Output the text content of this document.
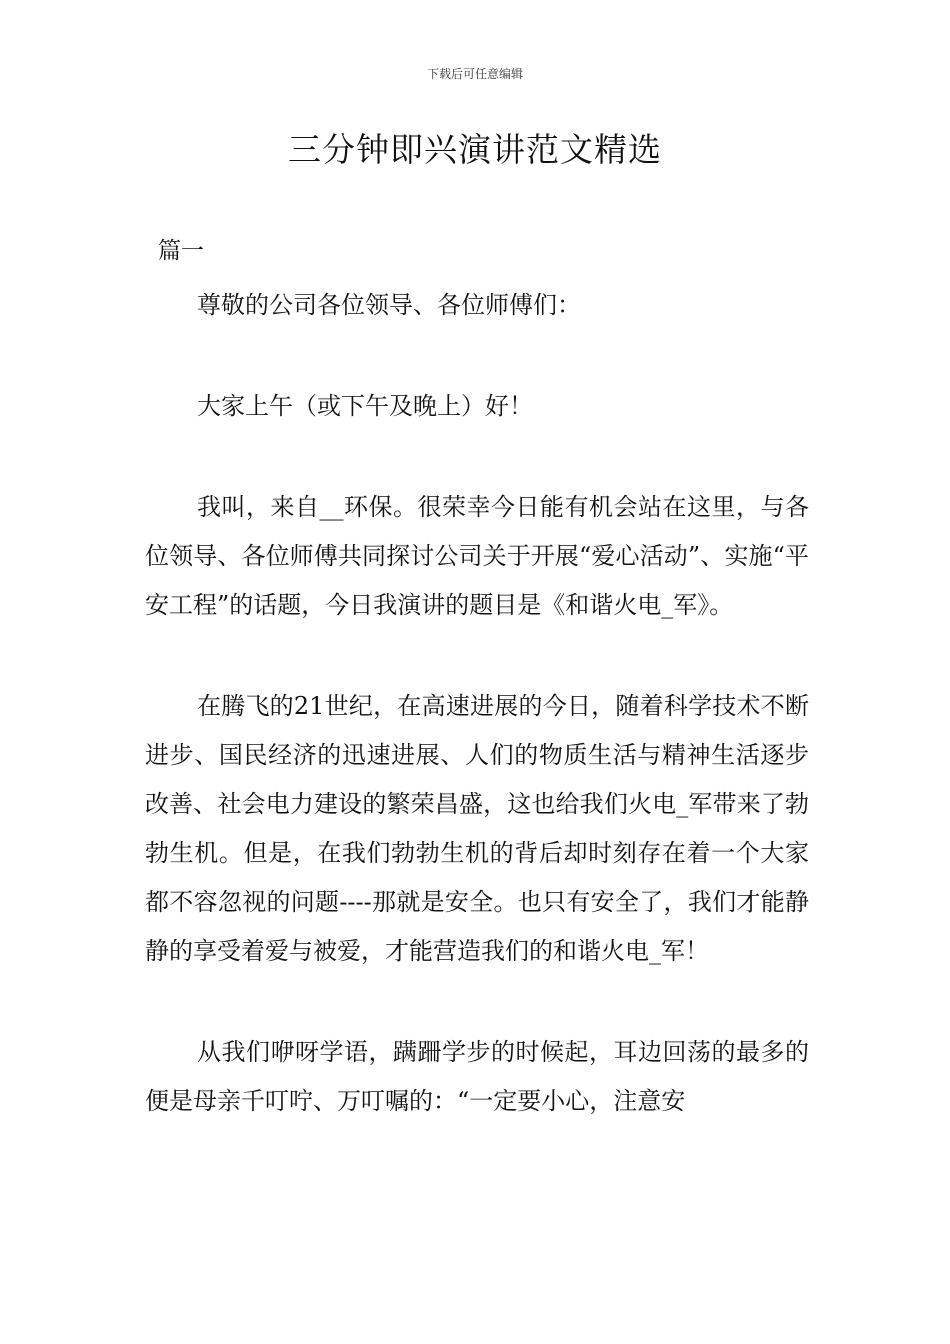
下载后可任意编辑
三分钟即兴演讲范文精选
篇一

尊敬的公司各位领导、各位师傅们：

大家上午（或下午及晚上）好！

我叫，来自__环保。很荣幸今日能有机会站在这里，与各位领导、各位师傅共同探讨公司关于开展“爱心活动”、实施“平安工程”的话题，今日我演讲的题目是《和谐火电_军》。

在腾飞的21世纪，在高速进展的今日，随着科学技术不断进步、国民经济的迅速进展、人们的物质生活与精神生活逐步改善、社会电力建设的繁荣昌盛，这也给我们火电_军带来了勃勃生机。但是，在我们勃勃生机的背后却时刻存在着一个大家都不容忽视的问题----那就是安全。也只有安全了，我们才能静静的享受着爱与被爱，才能营造我们的和谐火电_军！

从我们咿呀学语，蹒跚学步的时候起，耳边回荡的最多的便是母亲千叮咛、万叮嘱的：“一定要小心，注意安
